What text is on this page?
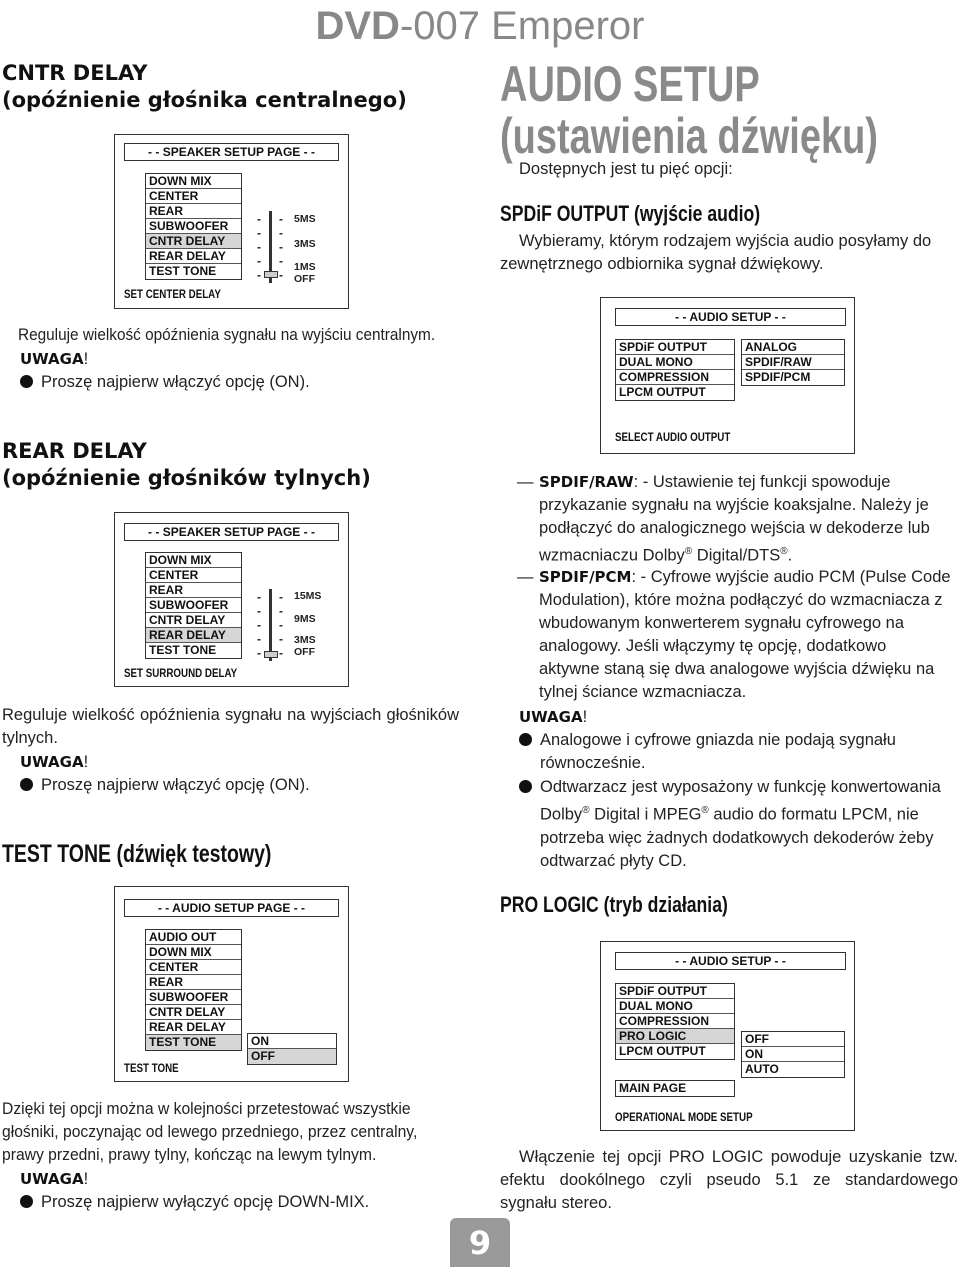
DVD-007 Emperor
CNTR DELAY
(opóźnienie głośnika centralnego)
- - SPEAKER SETUP PAGE - -
DOWN MIX
CENTER
REAR
SUBWOOFER
CNTR DELAY
REAR DELAY
TEST TONE
- -
- -
- -
- -
- -
5MS
3MS
1MS
OFF
SET CENTER DELAY
Reguluje wielkość opóźnienia sygnału na wyjściu centralnym.
UWAGA!
Proszę najpierw włączyć opcję (ON).
REAR DELAY
(opóźnienie głośników tylnych)
- - SPEAKER SETUP PAGE - -
DOWN MIX
CENTER
REAR
SUBWOOFER
CNTR DELAY
REAR DELAY
TEST TONE
- -
- -
- -
- -
- -
15MS
9MS
3MS
OFF
SET SURROUND DELAY
Reguluje wielkość opóźnienia sygnału na wyjściach głośników tylnych.
UWAGA!
Proszę najpierw włączyć opcję (ON).
TEST TONE (dźwięk testowy)
- - AUDIO SETUP PAGE - -
AUDIO OUT
DOWN MIX
CENTER
REAR
SUBWOOFER
CNTR DELAY
REAR DELAY
TEST TONE	ON
OFF
TEST TONE
Dzięki tej opcji można w kolejności przetestować wszystkie głośniki, poczynając od lewego przedniego, przez centralny, prawy przedni, prawy tylny, kończąc na lewym tylnym.
UWAGA!
Proszę najpierw wyłączyć opcję DOWN-MIX.
9
AUDIO SETUP
(ustawienia dźwięku)
Dostępnych jest tu pięć opcji:
SPDiF OUTPUT (wyjście audio)
Wybieramy, którym rodzajem wyjścia audio posyłamy do zewnętrznego odbiornika sygnał dźwiękowy.
- - AUDIO SETUP - -
SPDiF OUTPUT
DUAL MONO
COMPRESSION
LPCM OUTPUT
ANALOG
SPDIF/RAW
SPDIF/PCM
SELECT AUDIO OUTPUT
— SPDIF/RAW: - Ustawienie tej funkcji spowoduje przykazanie sygnału na wyjście koaksjalne. Należy je podłączyć do analogicznego wejścia w dekoderze lub wzmacniaczu Dolby® Digital/DTS®.
— SPDIF/PCM: - Cyfrowe wyjście audio PCM (Pulse Code Modulation), które można podłączyć do wzmacniacza z wbudowanym konwerterem sygnału cyfrowego na analogowy. Jeśli włączymy tę opcję, dodatkowo aktywne staną się dwa analogowe wyjścia dźwięku na tylnej ściance wzmacniacza.
UWAGA!
Analogowe i cyfrowe gniazda nie podają sygnału równocześnie.
Odtwarzacz jest wyposażony w funkcję konwertowania Dolby® Digital i MPEG® audio do formatu LPCM, nie potrzeba więc żadnych dodatkowych dekoderów żeby odtwarzać płyty CD.
PRO LOGIC (tryb działania)
- - AUDIO SETUP - -
SPDiF OUTPUT
DUAL MONO
COMPRESSION
PRO LOGIC
LPCM OUTPUT
OFF
ON
AUTO
MAIN PAGE
OPERATIONAL MODE SETUP
Włączenie tej opcji PRO LOGIC powoduje uzyskanie tzw. efektu dookólnego czyli pseudo 5.1 ze standardowego sygnału stereo.
